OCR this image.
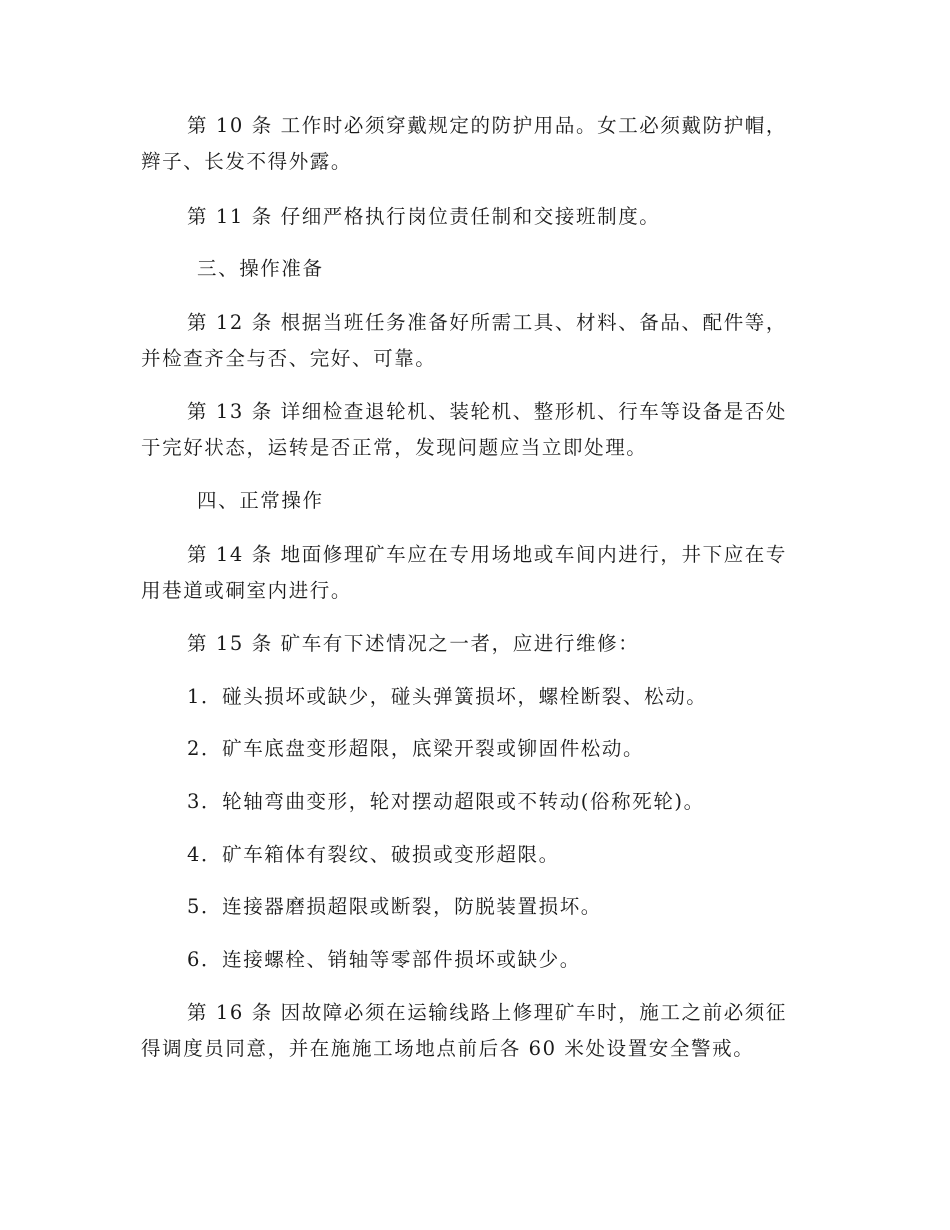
第 10 条 工作时必须穿戴规定的防护用品。女工必须戴防护帽，
辫子、长发不得外露。
第 11 条 仔细严格执行岗位责任制和交接班制度。
三、操作准备
第 12 条 根据当班任务准备好所需工具、材料、备品、配件等，
并检查齐全与否、完好、可靠。
第 13 条 详细检查退轮机、装轮机、整形机、行车等设备是否处
于完好状态，运转是否正常，发现问题应当立即处理。
四、正常操作
第 14 条 地面修理矿车应在专用场地或车间内进行，井下应在专
用巷道或硐室内进行。
第 15 条 矿车有下述情况之一者，应进行维修：
1．碰头损坏或缺少，碰头弹簧损坏，螺栓断裂、松动。
2．矿车底盘变形超限，底梁开裂或铆固件松动。
3．轮轴弯曲变形，轮对摆动超限或不转动(俗称死轮)。
4．矿车箱体有裂纹、破损或变形超限。
5．连接器磨损超限或断裂，防脱装置损坏。
6．连接螺栓、销轴等零部件损坏或缺少。
第 16 条 因故障必须在运输线路上修理矿车时，施工之前必须征
得调度员同意，并在施施工场地点前后各 60 米处设置安全警戒。
